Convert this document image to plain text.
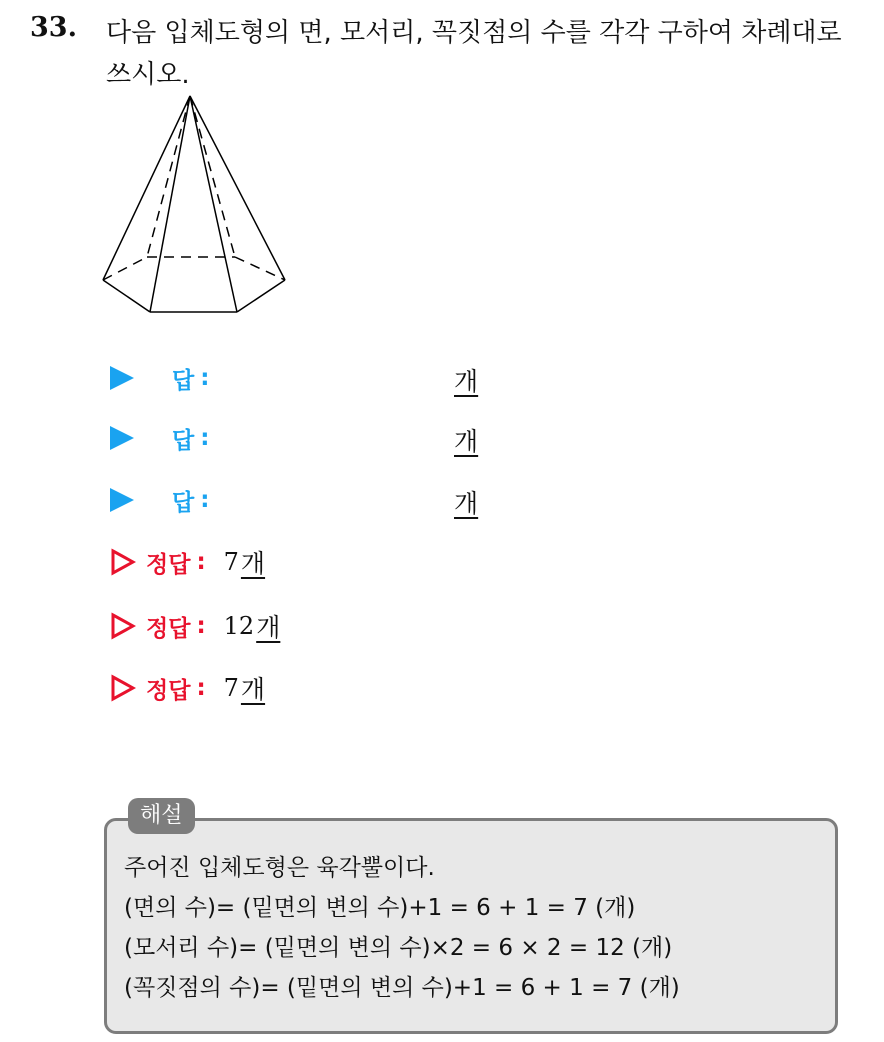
33. 다음 입체도형의 면, 모서리, 꼭짓점의 수를 각각 구하여 차례대로 쓰시오.
답 :	개
답 :	개
답 :	개
정답 : 7 개
정답 : 12 개
정답 : 7 개
해설
주어진 입체도형은 육각뿔이다.
(면의 수)= (밑면의 변의 수)+1 = 6 + 1 = 7 (개)
(모서리 수)= (밑면의 변의 수)×2 = 6 × 2 = 12 (개)
(꼭짓점의 수)= (밑면의 변의 수)+1 = 6 + 1 = 7 (개)
